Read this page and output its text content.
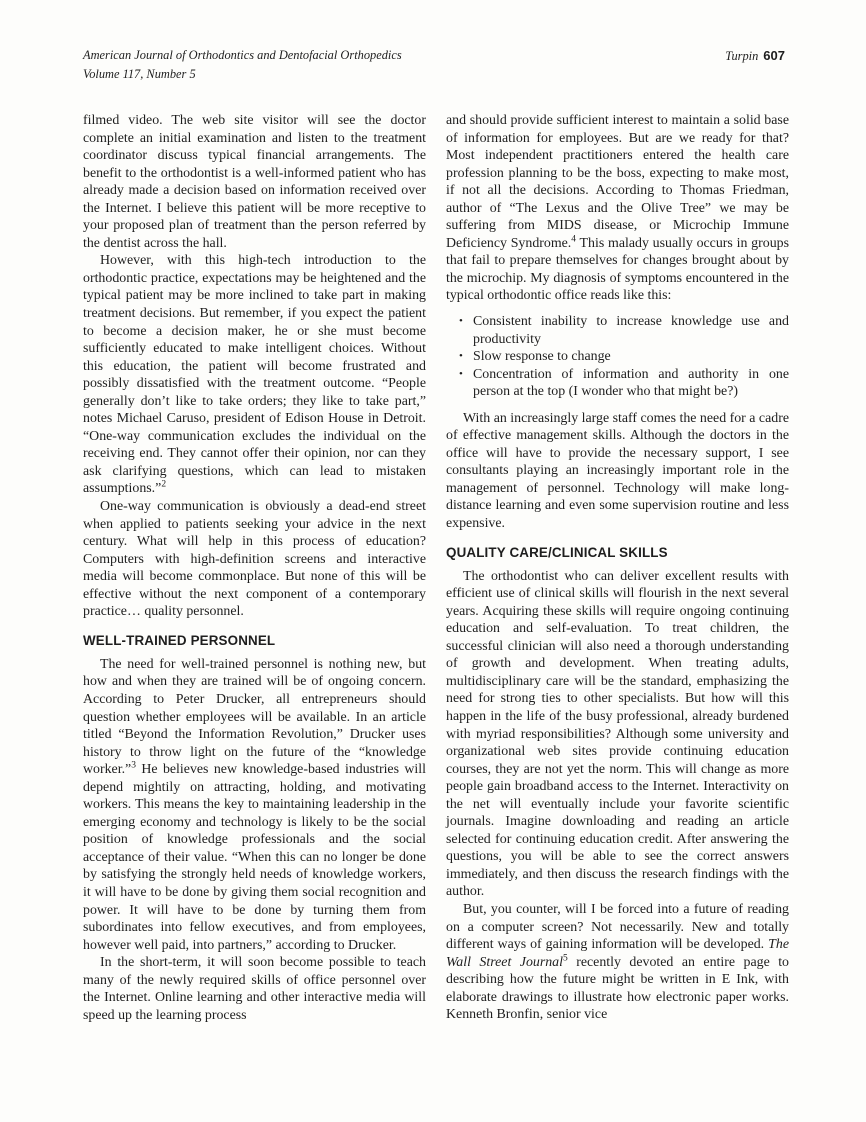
American Journal of Orthodontics and Dentofacial Orthopedics
Volume 117, Number 5
Turpin 607

filmed video. The web site visitor will see the doctor complete an initial examination and listen to the treatment coordinator discuss typical financial arrangements. The benefit to the orthodontist is a well-informed patient who has already made a decision based on information received over the Internet. I believe this patient will be more receptive to your proposed plan of treatment than the person referred by the dentist across the hall.

However, with this high-tech introduction to the orthodontic practice, expectations may be heightened and the typical patient may be more inclined to take part in making treatment decisions. But remember, if you expect the patient to become a decision maker, he or she must become sufficiently educated to make intelligent choices. Without this education, the patient will become frustrated and possibly dissatisfied with the treatment outcome. “People generally don’t like to take orders; they like to take part,” notes Michael Caruso, president of Edison House in Detroit. “One-way communication excludes the individual on the receiving end. They cannot offer their opinion, nor can they ask clarifying questions, which can lead to mistaken assumptions.”$^2$

One-way communication is obviously a dead-end street when applied to patients seeking your advice in the next century. What will help in this process of education? Computers with high-definition screens and interactive media will become commonplace. But none of this will be effective without the next component of a contemporary practice… quality personnel.

WELL-TRAINED PERSONNEL

The need for well-trained personnel is nothing new, but how and when they are trained will be of ongoing concern. According to Peter Drucker, all entrepreneurs should question whether employees will be available. In an article titled “Beyond the Information Revolution,” Drucker uses history to throw light on the future of the “knowledge worker.”$^3$ He believes new knowledge-based industries will depend mightily on attracting, holding, and motivating workers. This means the key to maintaining leadership in the emerging economy and technology is likely to be the social position of knowledge professionals and the social acceptance of their value. “When this can no longer be done by satisfying the strongly held needs of knowledge workers, it will have to be done by giving them social recognition and power. It will have to be done by turning them from subordinates into fellow executives, and from employees, however well paid, into partners,” according to Drucker.

In the short-term, it will soon become possible to teach many of the newly required skills of office personnel over the Internet. Online learning and other interactive media will speed up the learning process

and should provide sufficient interest to maintain a solid base of information for employees. But are we ready for that? Most independent practitioners entered the health care profession planning to be the boss, expecting to make most, if not all the decisions. According to Thomas Friedman, author of “The Lexus and the Olive Tree” we may be suffering from MIDS disease, or Microchip Immune Deficiency Syndrome.$^4$ This malady usually occurs in groups that fail to prepare themselves for changes brought about by the microchip. My diagnosis of symptoms encountered in the typical orthodontic office reads like this:

• Consistent inability to increase knowledge use and productivity
• Slow response to change
• Concentration of information and authority in one person at the top (I wonder who that might be?)

With an increasingly large staff comes the need for a cadre of effective management skills. Although the doctors in the office will have to provide the necessary support, I see consultants playing an increasingly important role in the management of personnel. Technology will make long-distance learning and even some supervision routine and less expensive.

QUALITY CARE/CLINICAL SKILLS

The orthodontist who can deliver excellent results with efficient use of clinical skills will flourish in the next several years. Acquiring these skills will require ongoing continuing education and self-evaluation. To treat children, the successful clinician will also need a thorough understanding of growth and development. When treating adults, multidisciplinary care will be the standard, emphasizing the need for strong ties to other specialists. But how will this happen in the life of the busy professional, already burdened with myriad responsibilities? Although some university and organizational web sites provide continuing education courses, they are not yet the norm. This will change as more people gain broadband access to the Internet. Interactivity on the net will eventually include your favorite scientific journals. Imagine downloading and reading an article selected for continuing education credit. After answering the questions, you will be able to see the correct answers immediately, and then discuss the research findings with the author.

But, you counter, will I be forced into a future of reading on a computer screen? Not necessarily. New and totally different ways of gaining information will be developed. The Wall Street Journal$^5$ recently devoted an entire page to describing how the future might be written in E Ink, with elaborate drawings to illustrate how electronic paper works. Kenneth Bronfin, senior vice
